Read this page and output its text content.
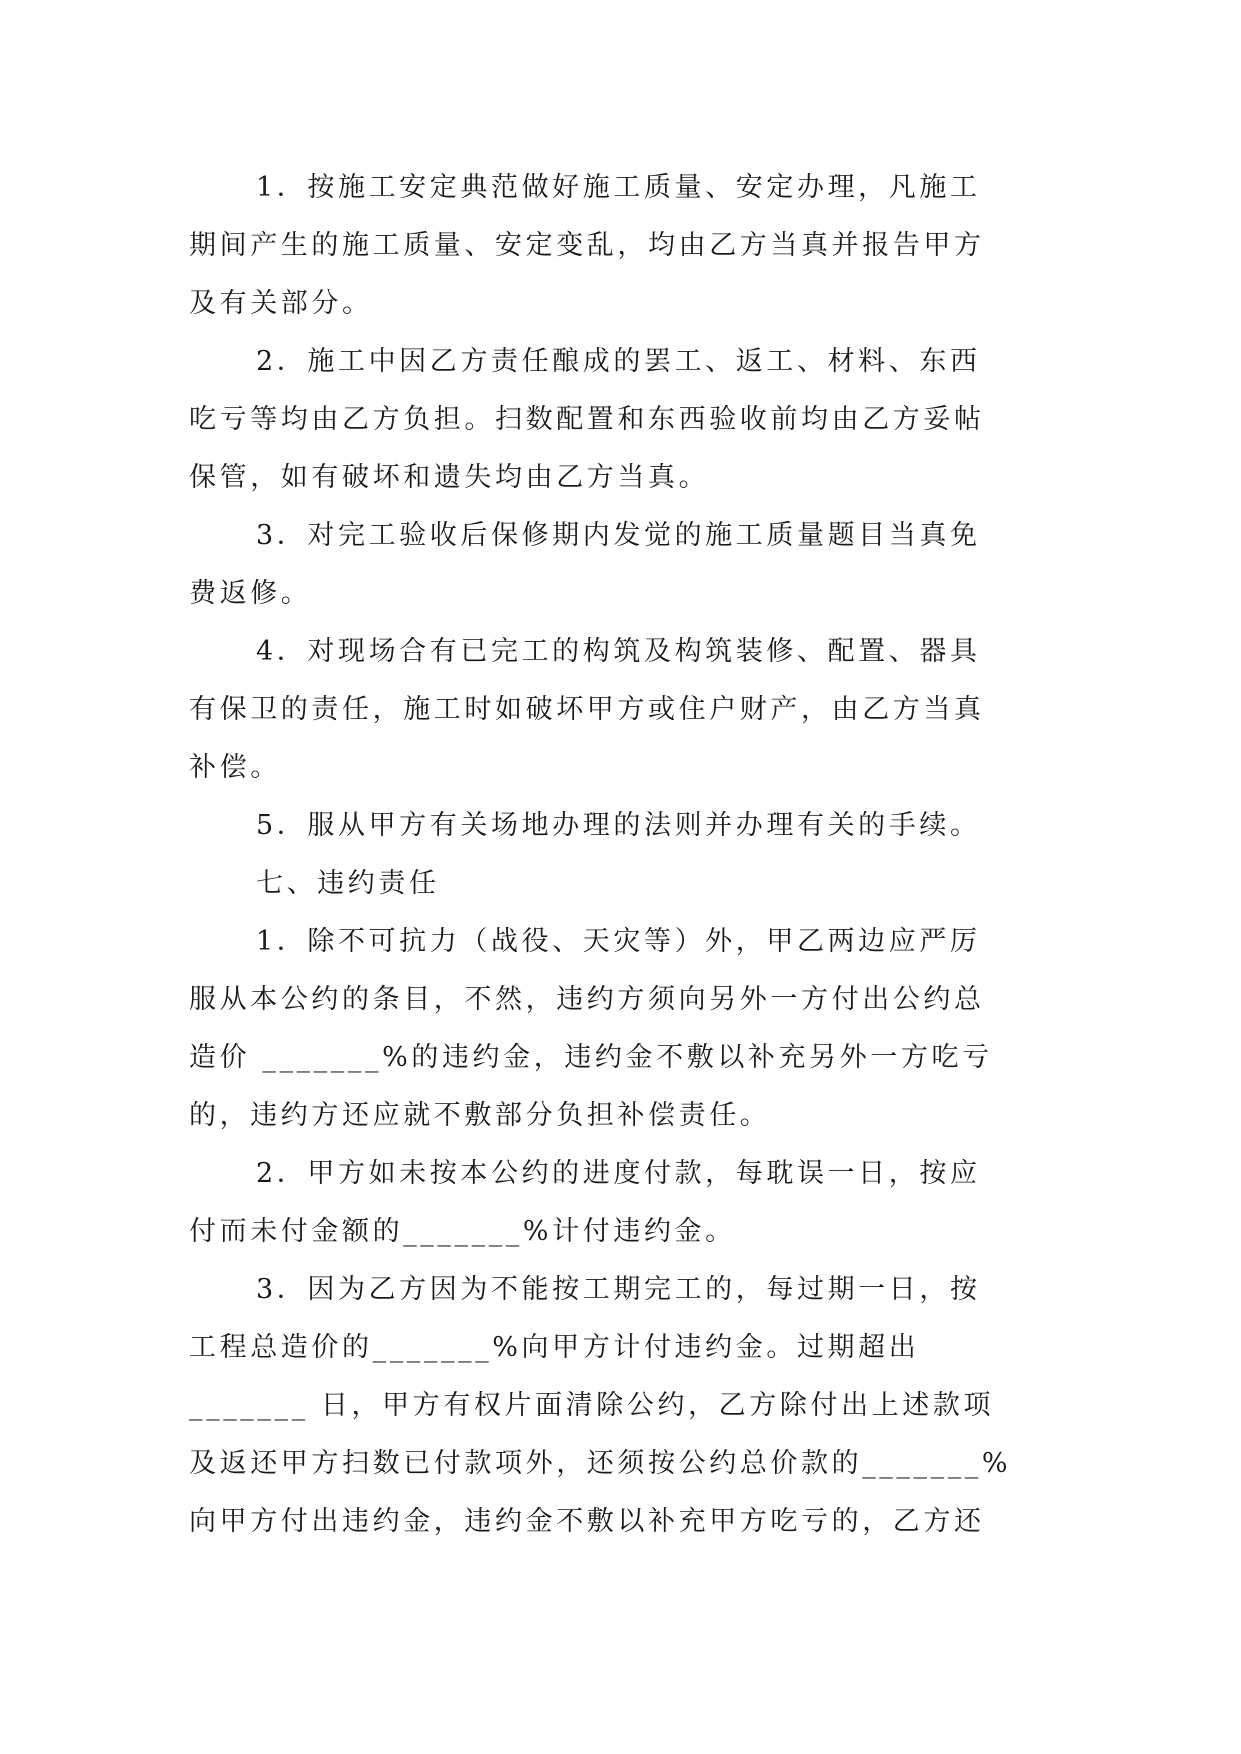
1．按施工安定典范做好施工质量、安定办理，凡施工
期间产生的施工质量、安定变乱，均由乙方当真并报告甲方
及有关部分。
2．施工中因乙方责任酿成的罢工、返工、材料、东西
吃亏等均由乙方负担。扫数配置和东西验收前均由乙方妥帖
保管，如有破坏和遗失均由乙方当真。
3．对完工验收后保修期内发觉的施工质量题目当真免
费返修。
4．对现场合有已完工的构筑及构筑装修、配置、器具
有保卫的责任，施工时如破坏甲方或住户财产，由乙方当真
补偿。
5．服从甲方有关场地办理的法则并办理有关的手续。
七、违约责任
1．除不可抗力（战役、天灾等）外，甲乙两边应严厉
服从本公约的条目，不然，违约方须向另外一方付出公约总
造价 _______%的违约金，违约金不敷以补充另外一方吃亏
的，违约方还应就不敷部分负担补偿责任。
2．甲方如未按本公约的进度付款，每耽误一日，按应
付而未付金额的_______%计付违约金。
3．因为乙方因为不能按工期完工的，每过期一日，按
工程总造价的_______%向甲方计付违约金。过期超出
_______ 日，甲方有权片面清除公约，乙方除付出上述款项
及返还甲方扫数已付款项外，还须按公约总价款的_______%
向甲方付出违约金，违约金不敷以补充甲方吃亏的，乙方还
